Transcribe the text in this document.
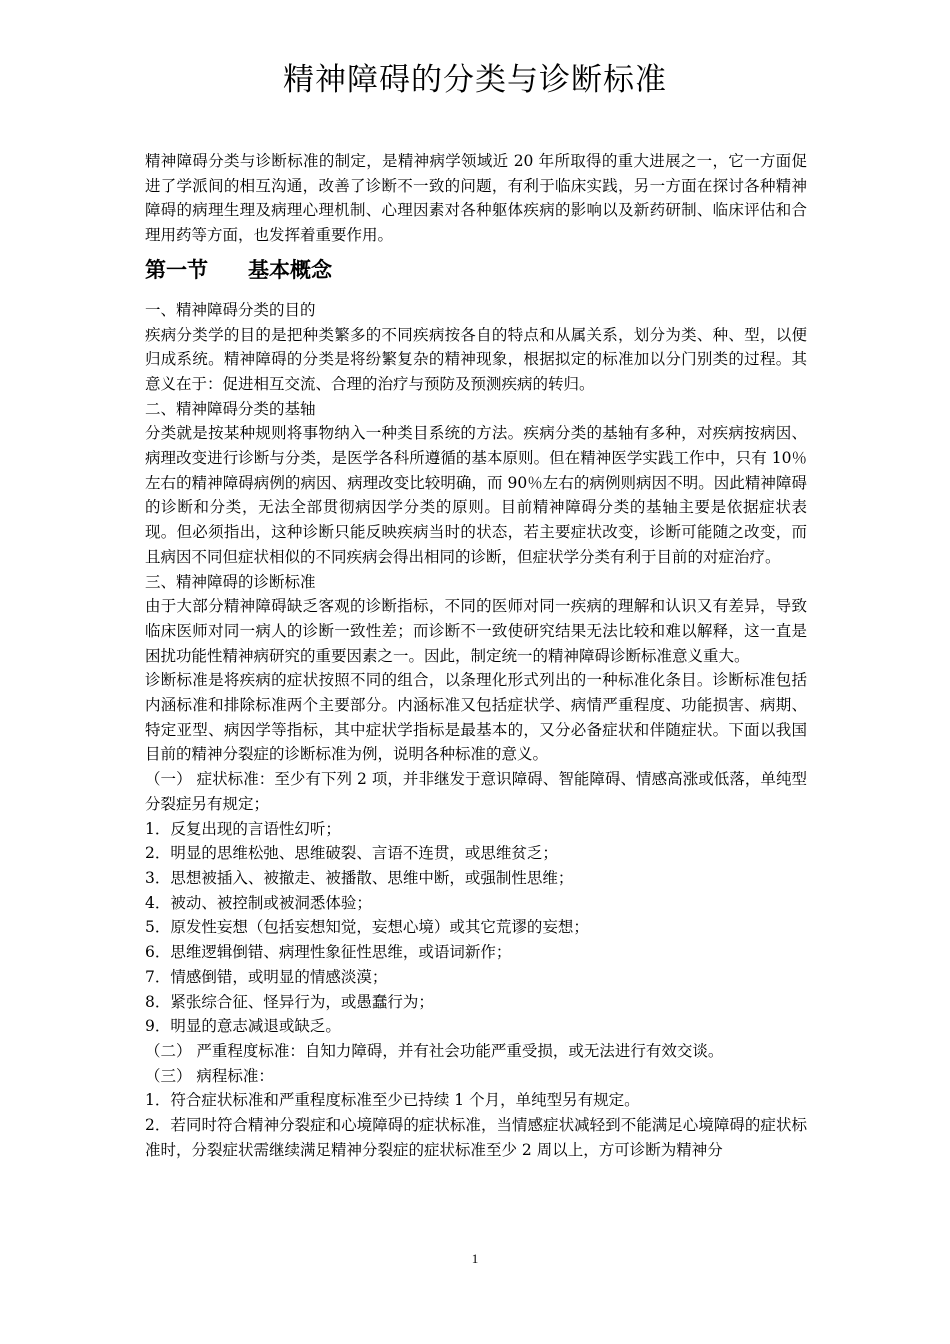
精神障碍的分类与诊断标准

精神障碍分类与诊断标准的制定，是精神病学领域近 20 年所取得的重大进展之一，它一方面促进了学派间的相互沟通，改善了诊断不一致的问题，有利于临床实践，另一方面在探讨各种精神障碍的病理生理及病理心理机制、心理因素对各种躯体疾病的影响以及新药研制、临床评估和合理用药等方面，也发挥着重要作用。

第一节 基本概念

一、精神障碍分类的目的

疾病分类学的目的是把种类繁多的不同疾病按各自的特点和从属关系，划分为类、种、型，以便归成系统。精神障碍的分类是将纷繁复杂的精神现象，根据拟定的标准加以分门别类的过程。其意义在于：促进相互交流、合理的治疗与预防及预测疾病的转归。

二、精神障碍分类的基轴

分类就是按某种规则将事物纳入一种类目系统的方法。疾病分类的基轴有多种，对疾病按病因、病理改变进行诊断与分类，是医学各科所遵循的基本原则。但在精神医学实践工作中，只有 10％左右的精神障碍病例的病因、病理改变比较明确，而 90％左右的病例则病因不明。因此精神障碍的诊断和分类，无法全部贯彻病因学分类的原则。目前精神障碍分类的基轴主要是依据症状表现。但必须指出，这种诊断只能反映疾病当时的状态，若主要症状改变，诊断可能随之改变，而且病因不同但症状相似的不同疾病会得出相同的诊断，但症状学分类有利于目前的对症治疗。

三、精神障碍的诊断标准

由于大部分精神障碍缺乏客观的诊断指标，不同的医师对同一疾病的理解和认识又有差异，导致临床医师对同一病人的诊断一致性差；而诊断不一致使研究结果无法比较和难以解释，这一直是困扰功能性精神病研究的重要因素之一。因此，制定统一的精神障碍诊断标准意义重大。

诊断标准是将疾病的症状按照不同的组合，以条理化形式列出的一种标准化条目。诊断标准包括内涵标准和排除标准两个主要部分。内涵标准又包括症状学、病情严重程度、功能损害、病期、特定亚型、病因学等指标，其中症状学指标是最基本的，又分必备症状和伴随症状。下面以我国目前的精神分裂症的诊断标准为例，说明各种标准的意义。

（一） 症状标准：至少有下列 2 项，并非继发于意识障碍、智能障碍、情感高涨或低落，单纯型分裂症另有规定；

1．反复出现的言语性幻听；

2．明显的思维松弛、思维破裂、言语不连贯，或思维贫乏；

3．思想被插入、被撤走、被播散、思维中断，或强制性思维；

4．被动、被控制或被洞悉体验；

5．原发性妄想（包括妄想知觉，妄想心境）或其它荒谬的妄想；

6．思维逻辑倒错、病理性象征性思维，或语词新作；

7．情感倒错，或明显的情感淡漠；

8．紧张综合征、怪异行为，或愚蠢行为；

9．明显的意志减退或缺乏。

（二） 严重程度标准：自知力障碍，并有社会功能严重受损，或无法进行有效交谈。

（三） 病程标准：

1．符合症状标准和严重程度标准至少已持续 1 个月，单纯型另有规定。

2．若同时符合精神分裂症和心境障碍的症状标准，当情感症状减轻到不能满足心境障碍的症状标准时，分裂症状需继续满足精神分裂症的症状标准至少 2 周以上，方可诊断为精神分

1
